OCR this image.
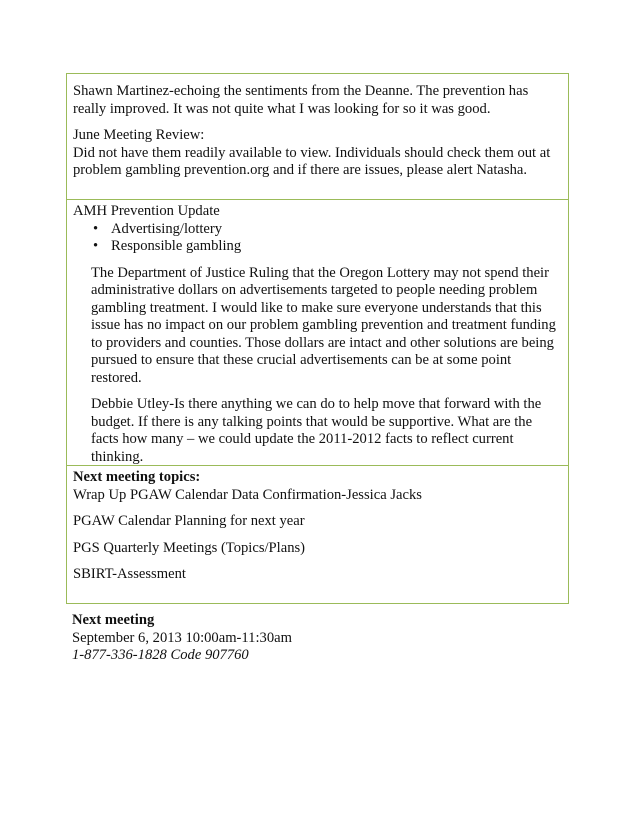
Shawn Martinez-echoing the sentiments from the Deanne. The prevention has really improved. It was not quite what I was looking for so it was good.

June Meeting Review:

Did not have them readily available to view. Individuals should check them out at problem gambling prevention.org and if there are issues, please alert Natasha.

AMH Prevention Update

• Advertising/lottery
• Responsible gambling

The Department of Justice Ruling that the Oregon Lottery may not spend their administrative dollars on advertisements targeted to people needing problem gambling treatment. I would like to make sure everyone understands that this issue has no impact on our problem gambling prevention and treatment funding to providers and counties. Those dollars are intact and other solutions are being pursued to ensure that these crucial advertisements can be at some point restored.

Debbie Utley-Is there anything we can do to help move that forward with the budget. If there is any talking points that would be supportive. What are the facts how many – we could update the 2011-2012 facts to reflect current thinking.

Next meeting topics:

Wrap Up PGAW Calendar Data Confirmation-Jessica Jacks

PGAW Calendar Planning for next year

PGS Quarterly Meetings (Topics/Plans)

SBIRT-Assessment

Next meeting

September 6, 2013 10:00am-11:30am

1-877-336-1828 Code 907760
